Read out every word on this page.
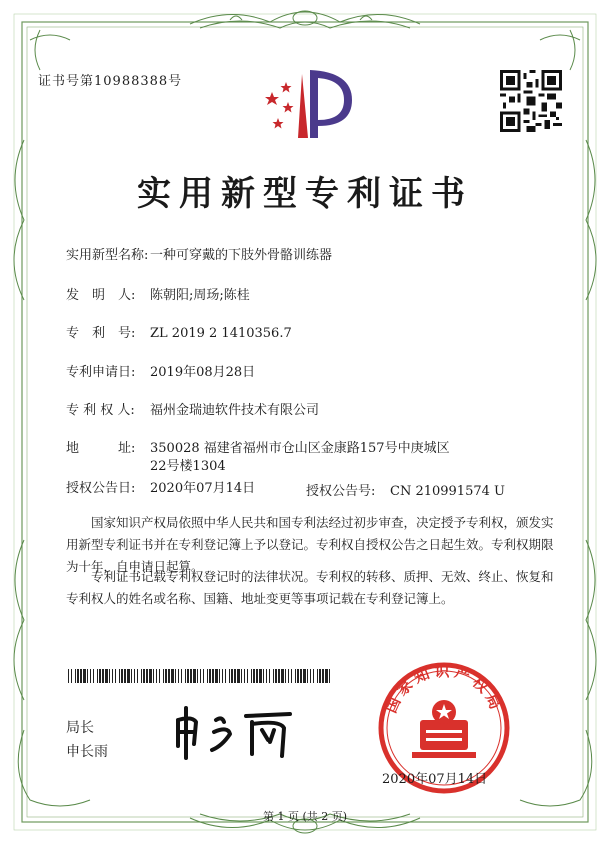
证书号第10988388号
实用新型专利证书
实用新型名称: 一种可穿戴的下肢外骨骼训练器
发　明　人: 陈朝阳;周玚;陈桂
专　利　号: ZL 2019 2 1410356.7
专利申请日: 2019年08月28日
专 利 权 人: 福州金瑞迪软件技术有限公司
地　　　址: 350028 福建省福州市仓山区金康路157号中庚城区22号楼1304
授权公告日: 2020年07月14日	授权公告号: CN 210991574 U
国家知识产权局依照中华人民共和国专利法经过初步审查，决定授予专利权，颁发实用新型专利证书并在专利登记簿上予以登记。专利权自授权公告之日起生效。专利权期限为十年，自申请日起算。
专利证书记载专利权登记时的法律状况。专利权的转移、质押、无效、终止、恢复和专利权人的姓名或名称、国籍、地址变更等事项记载在专利登记簿上。
局长
申长雨
国家知识产权局
2020年07月14日
第 1 页 (共 2 页)
